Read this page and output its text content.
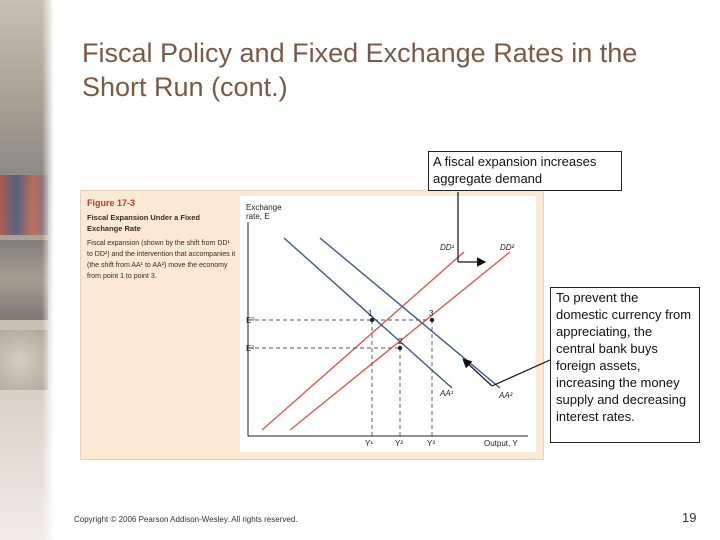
Fiscal Policy and Fixed Exchange Rates in the Short Run (cont.)
Figure 17-3
Fiscal Expansion Under a Fixed Exchange Rate
Fiscal expansion (shown by the shift from DD¹ to DD²) and the intervention that accompanies it (the shift from AA¹ to AA²) move the economy from point 1 to point 3.
Exchange
rate, E
Output, Y
E⁰
E²
Y¹	Y²	Y³
DD¹	DD²
AA¹	AA²
1
2
3
A fiscal expansion increases aggregate demand
To prevent the domestic currency from appreciating, the central bank buys foreign assets, increasing the money supply and decreasing interest rates.
Copyright © 2006 Pearson Addison-Wesley. All rights reserved.	19
